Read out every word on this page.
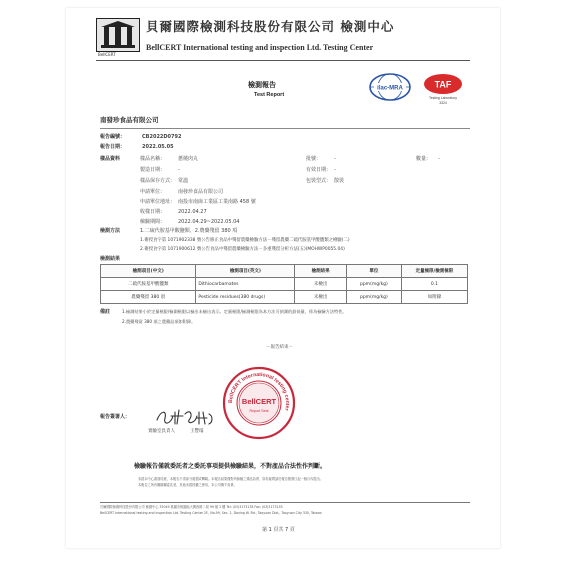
BellCERT
貝爾國際檢測科技股份有限公司 檢測中心
BellCERT International testing and inspection Ltd. Testing Center
檢測報告
Test Report
ilac-MRA	TAF
Testing Laboratory
3324
南發珍食品有限公司
報告編號：	CB2022D0792
報告日期：	2022.05.05
樣品資料	樣品名稱：	蔥燒肉丸	批號：	-	數量： -
製造日期：	-	有效日期： -
樣品保存方式： 常溫	包裝型式： 散裝
申請單位：	南發珍食品有限公司
申請單位地址： 南投市南崗工業區工業南路 458 號
收樣日期：	2022.04.27
檢驗期間：	2022.04.29~2022.05.04
檢測方法	1.二硫代胺基甲酸鹽類、2.農藥殘留 380 項
1.衛授食字第 1071902338 號公告修正食品中殘留農藥檢驗方法－殘留農藥二硫代胺基甲酸鹽類之檢驗(二)
2.衛授食字第 1071900612 號公告食品中殘留農藥檢驗方法－多重殘留分析方法(五)(MOHWP0055.04)
檢測結果
檢測項目(中文)	檢測項目(英文)	檢測結果	單位	定量極限/檢測極限
二硫代胺基甲酸鹽類	Dithiocarbamates	未檢出	ppm(mg/kg)	0.1
農藥殘留 380 項	Pesticide residues(380 drugs)	未檢出	ppm(mg/kg)	如附錄
備註	1.檢測結果小於定量極限/檢測極限以檢出未檢出表示。定量極限/檢測極限為本方法可偵測的最低量，係為檢驗方法特性。
2.農藥殘留 380 項之農藥品項如附錄。
－報告結束－
BellCERT International testing center
BellCERT
Report Seal
報告簽署人：
實驗室負責人	王豐璿
檢驗報告僅就委託者之委託事項提供檢驗結果，不對產品合法性作判斷。
未經本中心書面同意，本報告不得部分複製或轉載。本報告結果僅對所檢驗之樣品負責，如有疑問請於報告簽發日起一個月內提出。
本報告之所有權歸屬委託者，其他未經授權之使用，本公司概不負責。
貝爾國際檢測科技股份有限公司 檢測中心 33049 桃園市桃園區大興西路二段 99 號 2 樓 Tel: (03)3173178 Fax: (03)3173155
BellCERT International testing and inspection Ltd. Testing Center 2F., No.99, Sec. 2, Daxing W. Rd., Taoyuan Dist., Taoyuan City 330, Taiwan
第 1 頁共 7 頁
